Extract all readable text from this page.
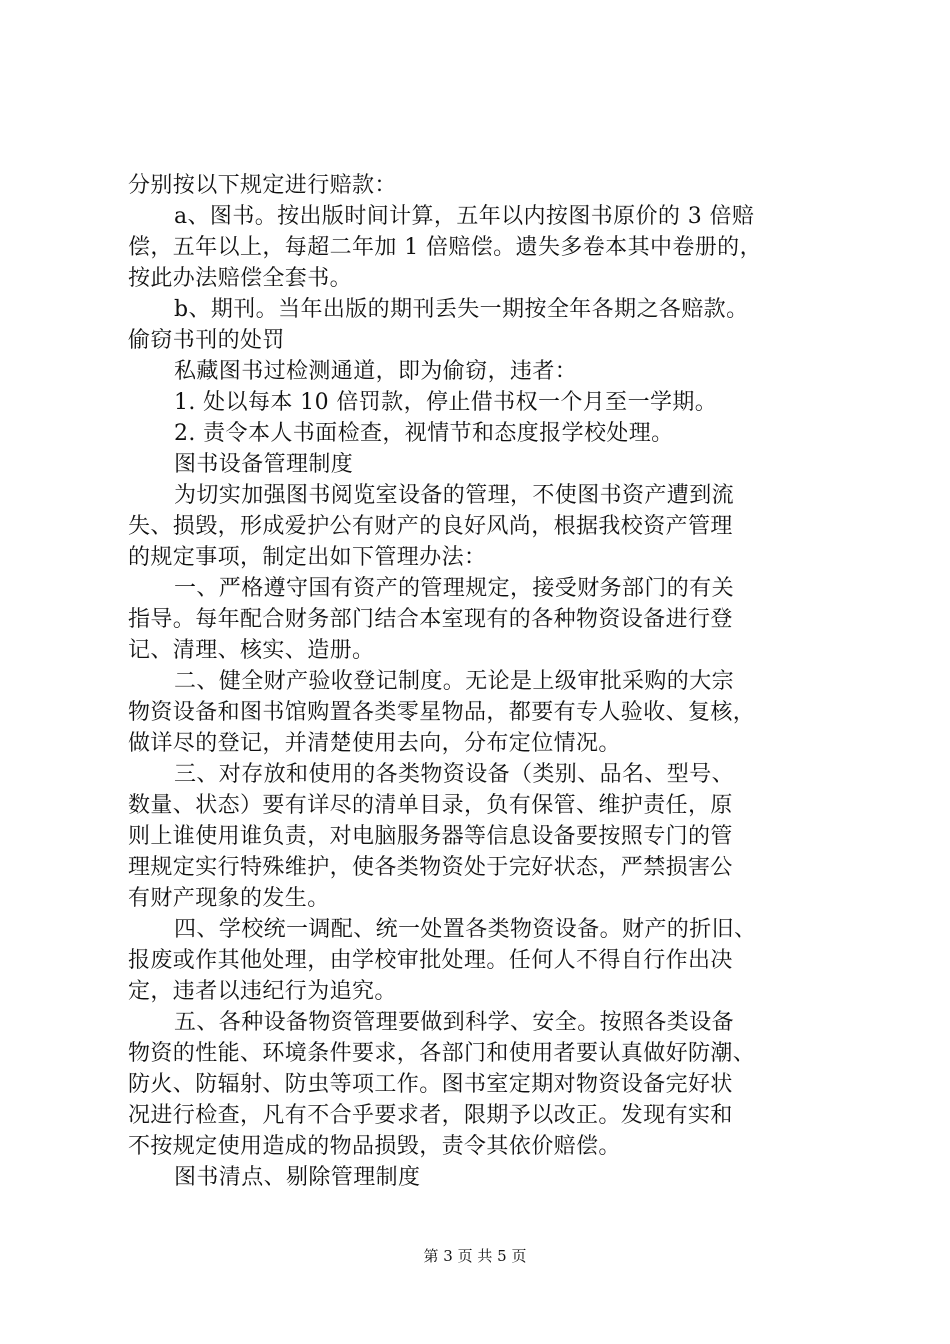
分别按以下规定进行赔款：
a、图书。按出版时间计算，五年以内按图书原价的 3 倍赔
偿，五年以上，每超二年加 1 倍赔偿。遗失多卷本其中卷册的，
按此办法赔偿全套书。
b、期刊。当年出版的期刊丢失一期按全年各期之各赔款。
偷窃书刊的处罚
私藏图书过检测通道，即为偷窃，违者：
1. 处以每本 10 倍罚款，停止借书权一个月至一学期。
2. 责令本人书面检查，视情节和态度报学校处理。
图书设备管理制度
为切实加强图书阅览室设备的管理，不使图书资产遭到流
失、损毁，形成爱护公有财产的良好风尚，根据我校资产管理
的规定事项，制定出如下管理办法：
一、严格遵守国有资产的管理规定，接受财务部门的有关
指导。每年配合财务部门结合本室现有的各种物资设备进行登
记、清理、核实、造册。
二、健全财产验收登记制度。无论是上级审批采购的大宗
物资设备和图书馆购置各类零星物品，都要有专人验收、复核，
做详尽的登记，并清楚使用去向，分布定位情况。
三、对存放和使用的各类物资设备（类别、品名、型号、
数量、状态）要有详尽的清单目录，负有保管、维护责任，原
则上谁使用谁负责，对电脑服务器等信息设备要按照专门的管
理规定实行特殊维护，使各类物资处于完好状态，严禁损害公
有财产现象的发生。
四、学校统一调配、统一处置各类物资设备。财产的折旧、
报废或作其他处理，由学校审批处理。任何人不得自行作出决
定，违者以违纪行为追究。
五、各种设备物资管理要做到科学、安全。按照各类设备
物资的性能、环境条件要求，各部门和使用者要认真做好防潮、
防火、防辐射、防虫等项工作。图书室定期对物资设备完好状
况进行检查，凡有不合乎要求者，限期予以改正。发现有实和
不按规定使用造成的物品损毁，责令其依价赔偿。
图书清点、剔除管理制度
第 3 页 共 5 页
